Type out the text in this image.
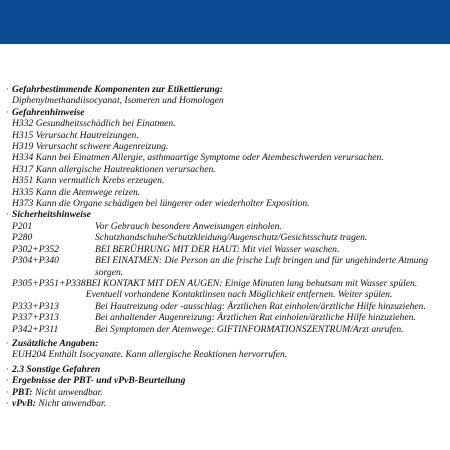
· Gefahrbestimmende Komponenten zur Etikettierung:
Diphenylmethandiisocyanat, Isomeren und Homologen
· Gefahrenhinweise
H332 Gesundheitsschädlich bei Einatmen.
H315 Verursacht Hautreizungen.
H319 Verursacht schwere Augenreizung.
H334 Kann bei Einatmen Allergie, asthmaartige Symptome oder Atembeschwerden verursachen.
H317 Kann allergische Hautreaktionen verursachen.
H351 Kann vermutlich Krebs erzeugen.
H335 Kann die Atemwege reizen.
H373 Kann die Organe schädigen bei längerer oder wiederholter Exposition.
· Sicherheitshinweise
P201	Vor Gebrauch besondere Anweisungen einholen.
P280	Schutzhandschuhe/Schutzkleidung/Augenschutz/Gesichtsschutz tragen.
P302+P352	BEI BERÜHRUNG MIT DER HAUT: Mit viel Wasser waschen.
P304+P340	BEI EINATMEN: Die Person an die frische Luft bringen und für ungehinderte Atmung sorgen.
P305+P351+P338 BEI KONTAKT MIT DEN AUGEN: Einige Minuten lang behutsam mit Wasser spülen. Eventuell vorhandene Kontaktlinsen nach Möglichkeit entfernen. Weiter spülen.
P333+P313	Bei Hautreizung oder -ausschlag: Ärztlichen Rat einholen/ärztliche Hilfe hinzuziehen.
P337+P313	Bei anhaltender Augenreizung: Ärztlichen Rat einholen/ärztliche Hilfe hinzuziehen.
P342+P311	Bei Symptomen der Atemwege: GIFTINFORMATIONSZENTRUM/Arzt anrufen.
· Zusätzliche Angaben:
EUH204 Enthält Isocyanate. Kann allergische Reaktionen hervorrufen.
· 2.3 Sonstige Gefahren
· Ergebnisse der PBT- und vPvB-Beurteilung
· PBT: Nicht anwendbar.
· vPvB: Nicht anwendbar.
